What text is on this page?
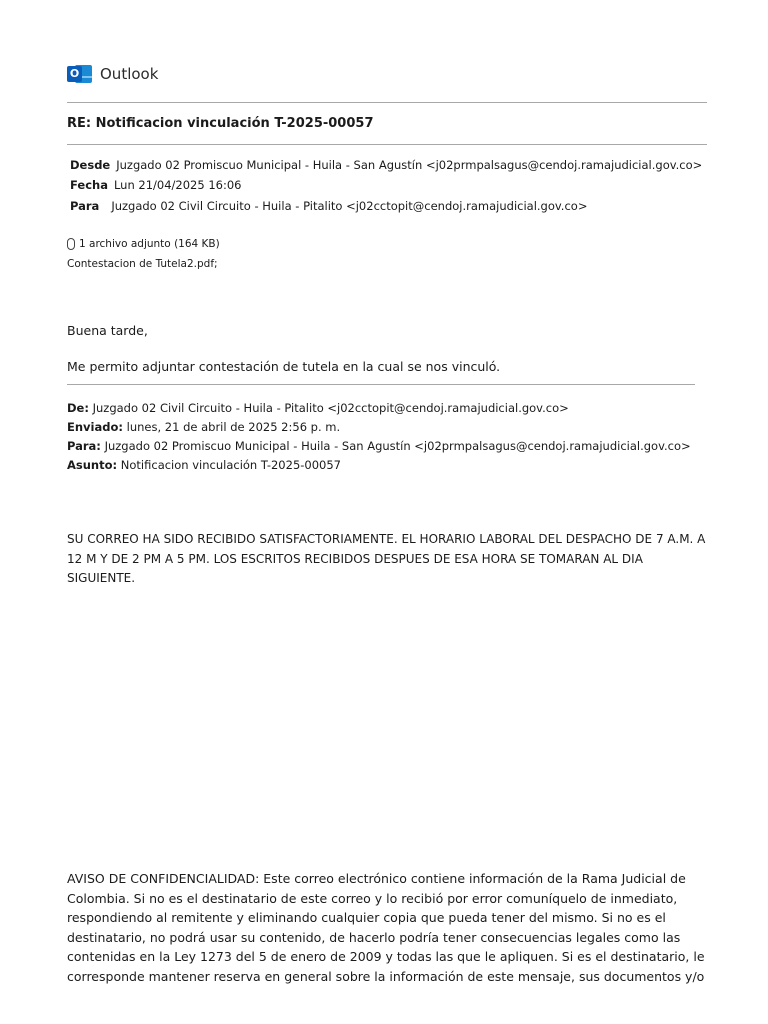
O Outlook
RE: Notificacion vinculación T-2025-00057
Desde Juzgado 02 Promiscuo Municipal - Huila - San Agustín <j02prmpalsagus@cendoj.ramajudicial.gov.co>
Fecha Lun 21/04/2025 16:06
Para Juzgado 02 Civil Circuito - Huila - Pitalito <j02cctopit@cendoj.ramajudicial.gov.co>
1 archivo adjunto (164 KB)
Contestacion de Tutela2.pdf;
Buena tarde,
Me permito adjuntar contestación de tutela en la cual se nos vinculó.
De: Juzgado 02 Civil Circuito - Huila - Pitalito <j02cctopit@cendoj.ramajudicial.gov.co>
Enviado: lunes, 21 de abril de 2025 2:56 p. m.
Para: Juzgado 02 Promiscuo Municipal - Huila - San Agustín <j02prmpalsagus@cendoj.ramajudicial.gov.co>
Asunto: Notificacion vinculación T-2025-00057
SU CORREO HA SIDO RECIBIDO SATISFACTORIAMENTE. EL HORARIO LABORAL DEL DESPACHO DE 7 A.M. A 12 M Y DE 2 PM A 5 PM. LOS ESCRITOS RECIBIDOS DESPUES DE ESA HORA SE TOMARAN AL DIA SIGUIENTE.
AVISO DE CONFIDENCIALIDAD: Este correo electrónico contiene información de la Rama Judicial de Colombia. Si no es el destinatario de este correo y lo recibió por error comuníquelo de inmediato, respondiendo al remitente y eliminando cualquier copia que pueda tener del mismo. Si no es el destinatario, no podrá usar su contenido, de hacerlo podría tener consecuencias legales como las contenidas en la Ley 1273 del 5 de enero de 2009 y todas las que le apliquen. Si es el destinatario, le corresponde mantener reserva en general sobre la información de este mensaje, sus documentos y/o
